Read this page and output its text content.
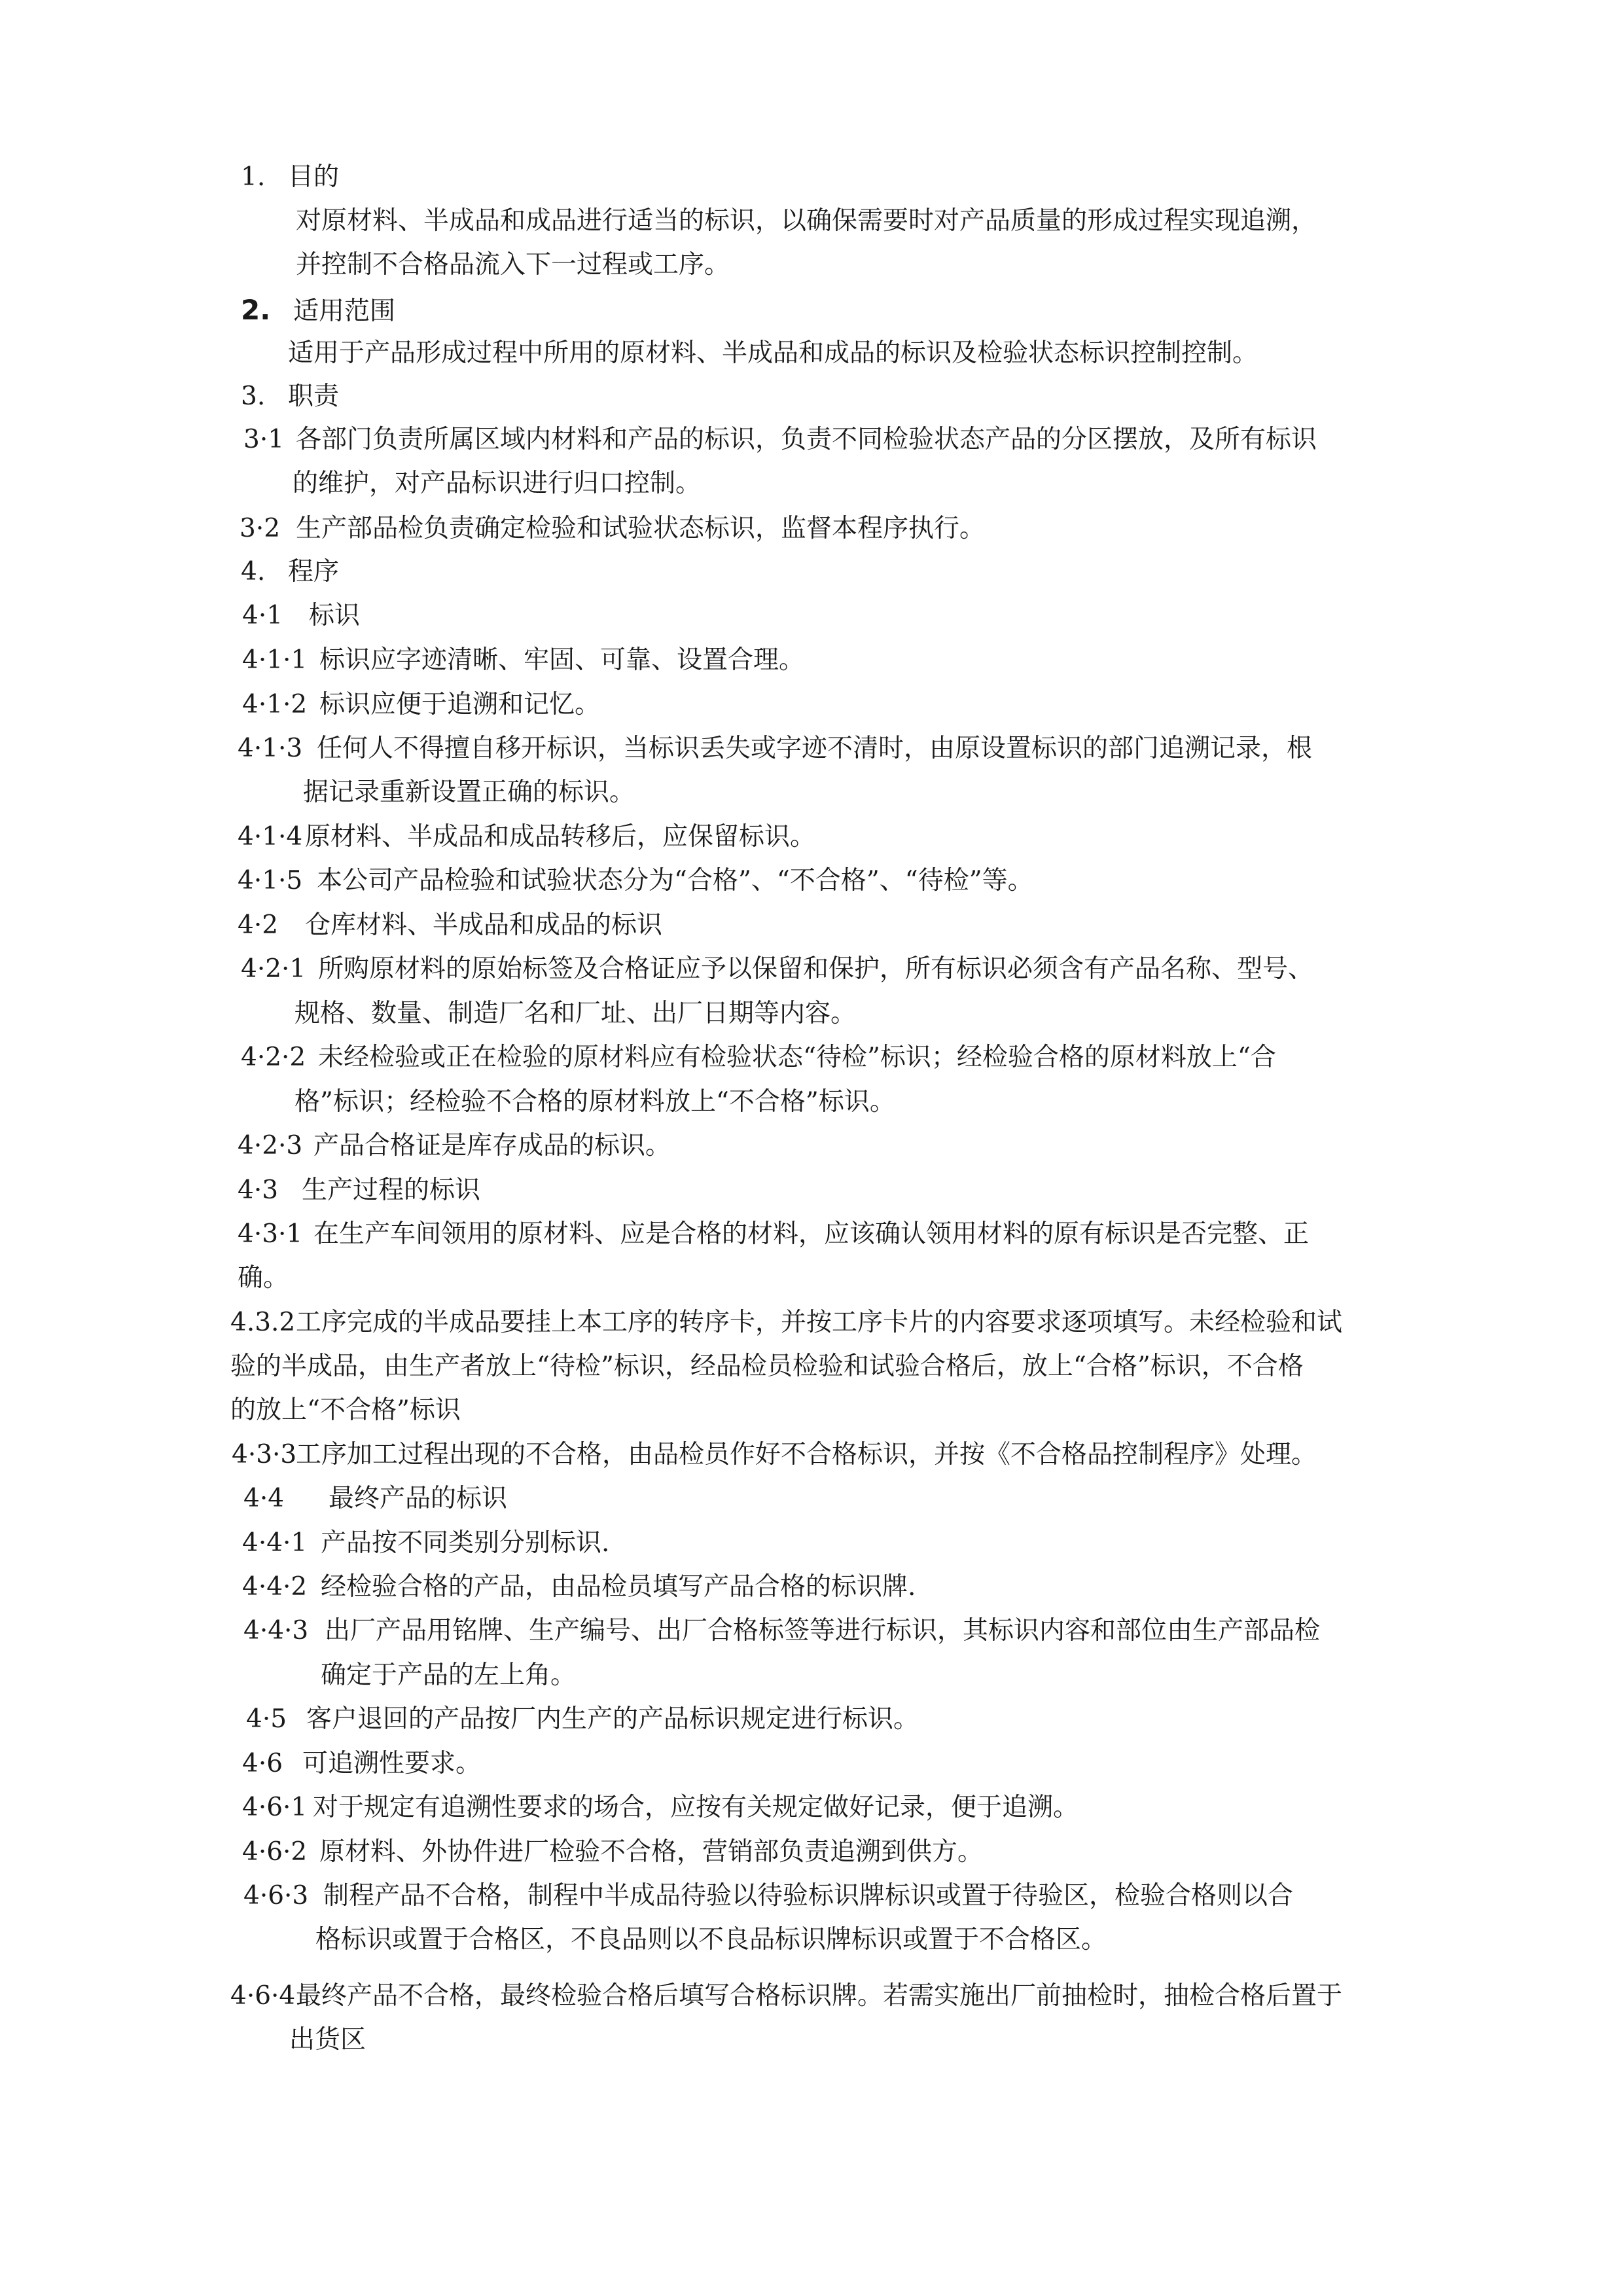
1. 目的
对原材料、半成品和成品进行适当的标识，以确保需要时对产品质量的形成过程实现追溯，
并控制不合格品流入下一过程或工序。
2. 适用范围
适用于产品形成过程中所用的原材料、半成品和成品的标识及检验状态标识控制控制。
3. 职责
3·1 各部门负责所属区域内材料和产品的标识，负责不同检验状态产品的分区摆放，及所有标识
的维护，对产品标识进行归口控制。
3·2 生产部品检负责确定检验和试验状态标识，监督本程序执行。
4. 程序
4·1 标识
4·1·1 标识应字迹清晰、牢固、可靠、设置合理。
4·1·2 标识应便于追溯和记忆。
4·1·3 任何人不得擅自移开标识，当标识丢失或字迹不清时，由原设置标识的部门追溯记录，根
据记录重新设置正确的标识。
4·1·4原材料、半成品和成品转移后，应保留标识。
4·1·5 本公司产品检验和试验状态分为“合格”、“不合格”、“待检”等。
4·2 仓库材料、半成品和成品的标识
4·2·1 所购原材料的原始标签及合格证应予以保留和保护，所有标识必须含有产品名称、型号、
规格、数量、制造厂名和厂址、出厂日期等内容。
4·2·2 未经检验或正在检验的原材料应有检验状态“待检”标识；经检验合格的原材料放上“合
格”标识；经检验不合格的原材料放上“不合格”标识。
4·2·3 产品合格证是库存成品的标识。
4·3 生产过程的标识
4·3·1 在生产车间领用的原材料、应是合格的材料，应该确认领用材料的原有标识是否完整、正
确。
4.3.2工序完成的半成品要挂上本工序的转序卡，并按工序卡片的内容要求逐项填写。未经检验和试
验的半成品，由生产者放上“待检”标识，经品检员检验和试验合格后，放上“合格”标识，不合格
的放上“不合格”标识
4·3·3工序加工过程出现的不合格，由品检员作好不合格标识，并按《不合格品控制程序》处理。
4·4 最终产品的标识
4·4·1 产品按不同类别分别标识.
4·4·2 经检验合格的产品，由品检员填写产品合格的标识牌.
4·4·3 出厂产品用铭牌、生产编号、出厂合格标签等进行标识，其标识内容和部位由生产部品检
确定于产品的左上角。
4·5 客户退回的产品按厂内生产的产品标识规定进行标识。
4·6 可追溯性要求。
4·6·1 对于规定有追溯性要求的场合，应按有关规定做好记录，便于追溯。
4·6·2 原材料、外协件进厂检验不合格，营销部负责追溯到供方。
4·6·3 制程产品不合格，制程中半成品待验以待验标识牌标识或置于待验区，检验合格则以合
格标识或置于合格区，不良品则以不良品标识牌标识或置于不合格区。
4·6·4最终产品不合格，最终检验合格后填写合格标识牌。若需实施出厂前抽检时，抽检合格后置于
出货区
